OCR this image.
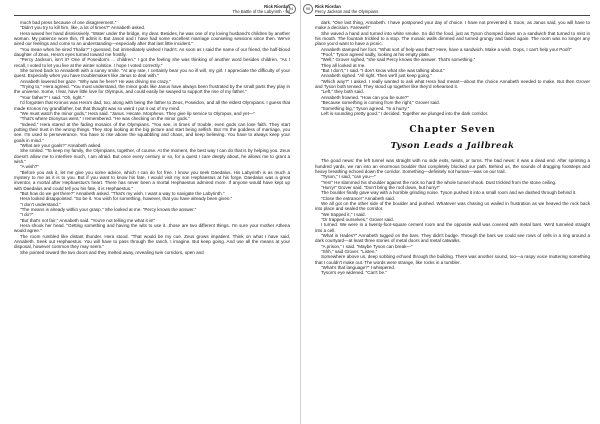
94
Rick Riordan
The Battle of the Labyrinth - 94

much bad press because of one disagreement."

"Didn't you try to kill him, like, a lot of times?" Annabeth asked.

Hera waved her hand dismissively. "Water under the bridge, my dear. Besides, he was one of my loving husband's children by another woman. My patience wore thin, I'll admit it. But Jason and I have had some excellent marriage counseling sessions since then. We've aired our feelings and come to an understanding—especially after that last little incident."

"You mean when he sired Thalia?" I guessed, but immediately wished I hadn't. As soon as I said the name of our friend, the half-blood daughter of Zeus, Hera's eyes turned toward me frostily.

"Percy Jackson, isn't it? One of Poseidon's ... children." I got the feeling she was thinking of another word besides children. "As I recall, I voted to let you live at the winter solstice. I hope I voted correctly."

She turned back to Annabeth with a sunny smile. "At any rate, I certainly bear you no ill will, my girl. I appreciate the difficulty of your quest. Especially when you have troublemakers like Janus to deal with."

Annabeth lowered her gaze. "Why was he here? He was driving me crazy."

"Trying to," Hera agreed. "You must understand, the minor gods like Janus have always been frustrated by the small parts they play in the universe. Some, I fear, have little love for Olympus, and could easily be swayed to support the rise of my father."

"Your father?" I said. "Oh, right."

I'd forgotten that Kronos was Hera's dad, too, along with being the father to Zeus, Poseidon, and all the eldest Olympians. I guess that made Kronos my grandfather, but that thought was so weird I put it out of my mind.

"We must watch the minor gods," Hera said. "Janus. Hecate. Morpheus. They give lip service to Olympus, and yet—"

"That's where Dionysus went," I remembered. "He was checking on the minor gods."

"Indeed." Hera stared at the fading mosaics of the Olympians. "You see, in times of trouble, even gods can lose faith. They start putting their trust in the wrong things. They stop looking at the big picture and start being selfish. But I'm the goddess of marriage, you see. I'm used to perseverance. You have to rise above the squabbling and chaos, and keep believing. You have to always keep your goals in mind."

"What are your goals?" Annabeth asked.

She smiled. "To keep my family, the Olympians, together, of course. At the moment, the best way I can do that is by helping you. Zeus doesn't allow me to interfere much, I am afraid. But once every century or so, for a quest I care deeply about, he allows me to grant a wish."

"A wish?"

"Before you ask it, let me give you some advice, which I can do for free. I know you seek Daedalus. His Labyrinth is as much a mystery to me as it is to you. But if you want to know his fate, I would visit my son Hephaestus at his forge. Daedalus was a great inventor, a mortal after Hephaestus's heart. There has never been a mortal Hephaestus admired more. If anyone would have kept up with Daedalus and could tell you his fate, it is Hephaestus."

"But how do we get there?" Annabeth asked. "That's my wish. I want a way to navigate the Labyrinth."

Hera looked disappointed. "So be it. You wish for something, however, that you have already been given."

"I don't understand."

"The means is already within your grasp." She looked at me. "Percy knows the answer."

"I do?"

"But that's not fair," Annabeth said. "You're not telling me what it is!"

Hera shook her head. "Getting something and having the wits to use it...those are two different things. I'm sure your mother Athena would agree."

The room rumbled like distant thunder. Hera stood. "That would be my cue. Zeus grows impatient. Think on what I have said, Annabeth. Seek out Hephaestus. You will have to pass through the ranch, I imagine. But keep going. And use all the means at your disposal, however common they may seem."

She pointed toward the two doors and they melted away, revealing twin corridors, open and

95	Rick Riordan
Percy Jackson and the Olympians

dark. "One last thing, Annabeth. I have postponed your day of choice. I have not prevented it. Soon, as Janus said, you will have to make a decision. Farewell!"

She waved a hand and turned into white smoke. So did the food, just as Tyson chomped down on a sandwich that turned to mist in his mouth. The fountain trickled to a stop. The mosaic walls dimmed and turned grungy and faded again. The room was no longer any place you'd want to have a picnic.

Annabeth stamped her foot. "What sort of help was that? Here, have a sandwich. Make a wish. Oops, I can't help you! Poof!"

"Poof," Tyson agreed sadly, looking at his empty plate.

"Well," Grover sighed, "she said Percy knows the answer. That's something."

They all looked at me.

"But I don't," I said. "I don't know what she was talking about."

Annabeth sighed. "All right. Then we'll just keep going."

"Which way?" I asked. I really wanted to ask what Hera had meant—about the choice Annabeth needed to make. But then Grover and Tyson both tensed. They stood up together like they'd rehearsed it.

"Left," they both said.

Annabeth frowned. "How can you be sure?"

"Because something is coming from the right," Grover said.

"Something big," Tyson agreed. "In a hurry."

Left is sounding pretty good," I decided. Together we plunged into the dark corridor.

Chapter Seven
Tyson Leads a Jailbreak

The good news: the left tunnel was straight with no side exits, twists, or turns. The bad news: it was a dead end. After sprinting a hundred yards, we ran into an enormous boulder that completely blocked our path. Behind us, the sounds of dragging footsteps and heavy breathing echoed down the corridor. Something—definitely not human—was on our trail.

"Tyson," I said, "can you—"

"Yes!" He slammed his shoulder against the rock so hard the whole tunnel shook. Dust trickled from the stone ceiling.

"Hurry!" Grover said. "Don't bring the roof down, but hurry!"

The boulder finally gave way with a horrible grinding noise. Tyson pushed it into a small room and we dashed through behind it.

"Close the entrance!" Annabeth said.

We all got on the other side of the boulder and pushed. Whatever was chasing us wailed in frustration as we heaved the rock back into place and sealed the corridor.

"We trapped it," I said.

"Or trapped ourselves," Grover said.

I turned. We were in a twenty-foot-square cement room and the opposite wall was covered with metal bars. We'd tunneled straight into a cell.

"What in Hades?" Annabeth tugged on the bars. They didn't budge. Through the bars we could see rows of cells in a ring around a dark courtyard—at least three stories of metal doors and metal catwalks.

"A prison," I said. "Maybe Tyson can break—"

"Shh," said Grover. "Listen."

Somewhere above us, deep sobbing echoed through the building. There was another sound, too—a raspy voice muttering something that I couldn't make out. The words were strange, like rocks in a tumbler.

"What's that language?" I whispered.

Tyson's eye widened. "Can't be."
